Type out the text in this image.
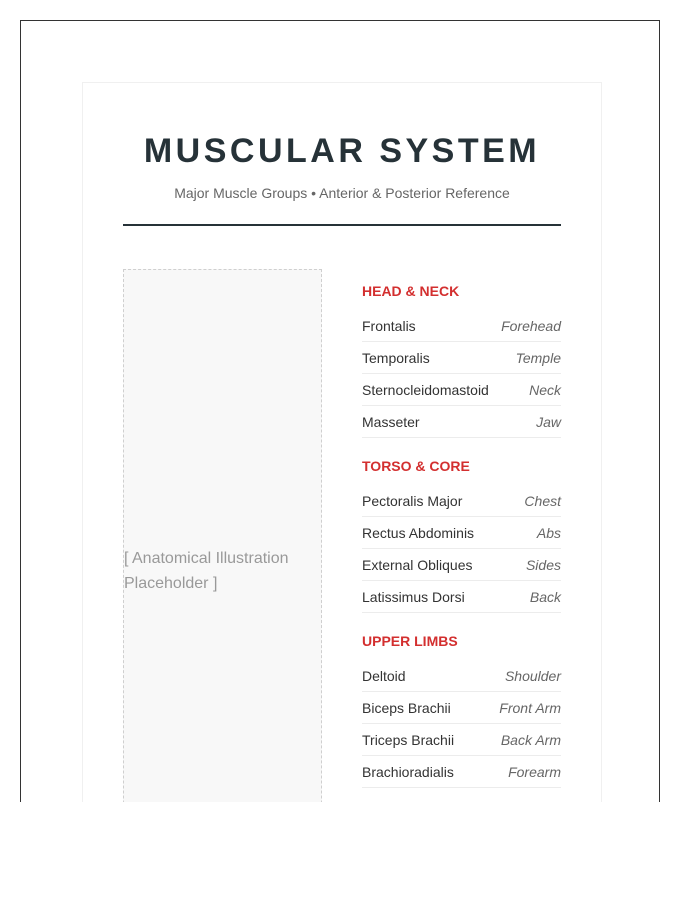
MUSCULAR SYSTEM
Major Muscle Groups • Anterior & Posterior Reference
[ Anatomical Illustration Placeholder ]
HEAD & NECK
Frontalis	Forehead
Temporalis	Temple
Sternocleidomastoid	Neck
Masseter	Jaw
TORSO & CORE
Pectoralis Major	Chest
Rectus Abdominis	Abs
External Obliques	Sides
Latissimus Dorsi	Back
UPPER LIMBS
Deltoid	Shoulder
Biceps Brachii	Front Arm
Triceps Brachii	Back Arm
Brachioradialis	Forearm
